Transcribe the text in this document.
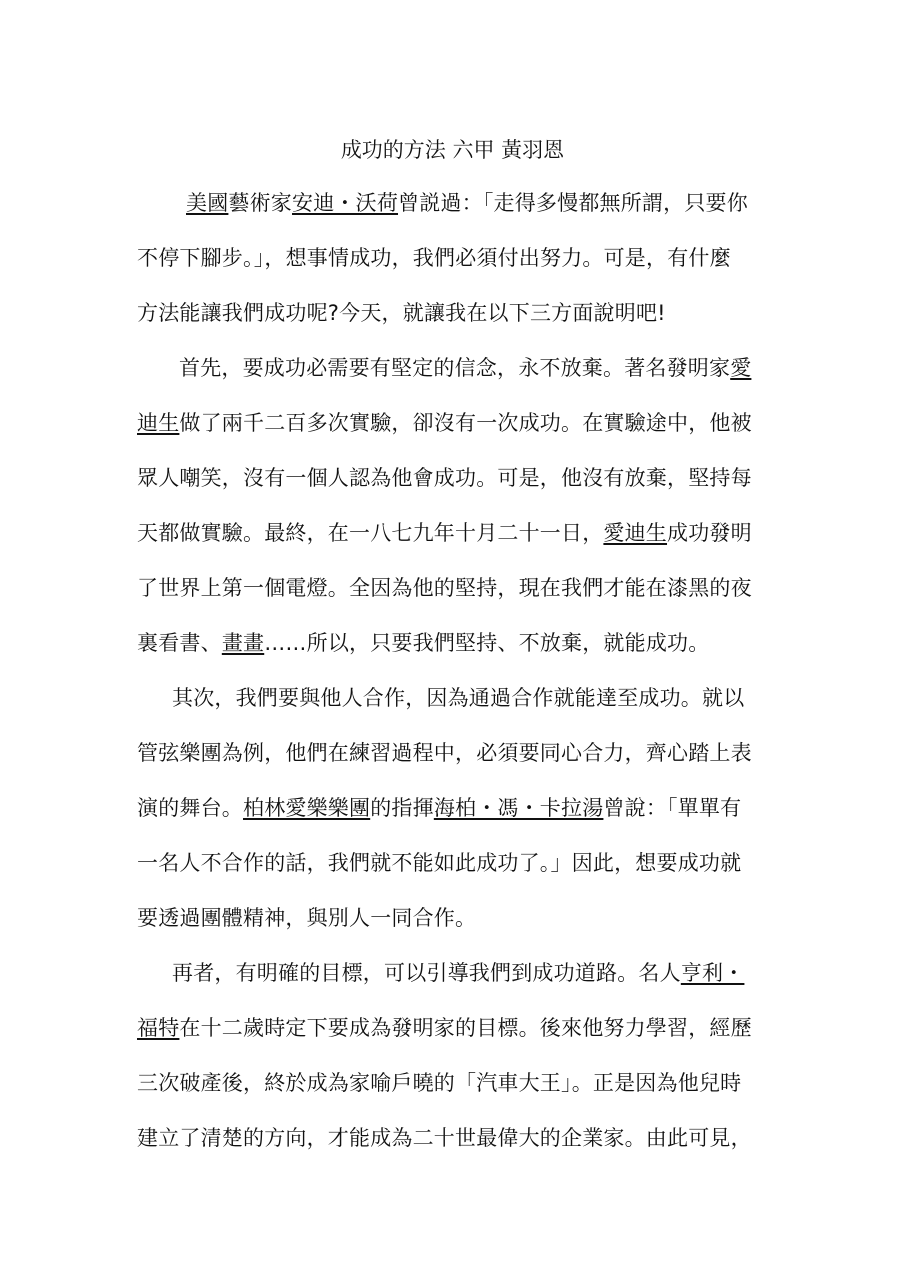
成功的方法 六甲 黃羽恩
美國藝術家安迪・沃荷曾説過：「走得多慢都無所謂，只要你
不停下腳步。」，想事情成功，我們必須付出努力。可是，有什麼
方法能讓我們成功呢?今天，就讓我在以下三方面說明吧!
首先，要成功必需要有堅定的信念，永不放棄。著名發明家愛
迪生做了兩千二百多次實驗，卻沒有一次成功。在實驗途中，他被
眾人嘲笑，沒有一個人認為他會成功。可是，他沒有放棄，堅持每
天都做實驗。最終，在一八七九年十月二十一日，愛迪生成功發明
了世界上第一個電燈。全因為他的堅持，現在我們才能在漆黑的夜
裏看書、畫畫……所以，只要我們堅持、不放棄，就能成功。
其次，我們要與他人合作，因為通過合作就能達至成功。就以
管弦樂團為例，他們在練習過程中，必須要同心合力，齊心踏上表
演的舞台。柏林愛樂樂團的指揮海柏・馮・卡拉湯曾說：「單單有
一名人不合作的話，我們就不能如此成功了。」因此，想要成功就
要透過團體精神，與別人一同合作。
再者，有明確的目標，可以引導我們到成功道路。名人亨利・
福特在十二歲時定下要成為發明家的目標。後來他努力學習，經歷
三次破產後，終於成為家喻戶曉的「汽車大王」。正是因為他兒時
建立了清楚的方向，才能成為二十世最偉大的企業家。由此可見，
